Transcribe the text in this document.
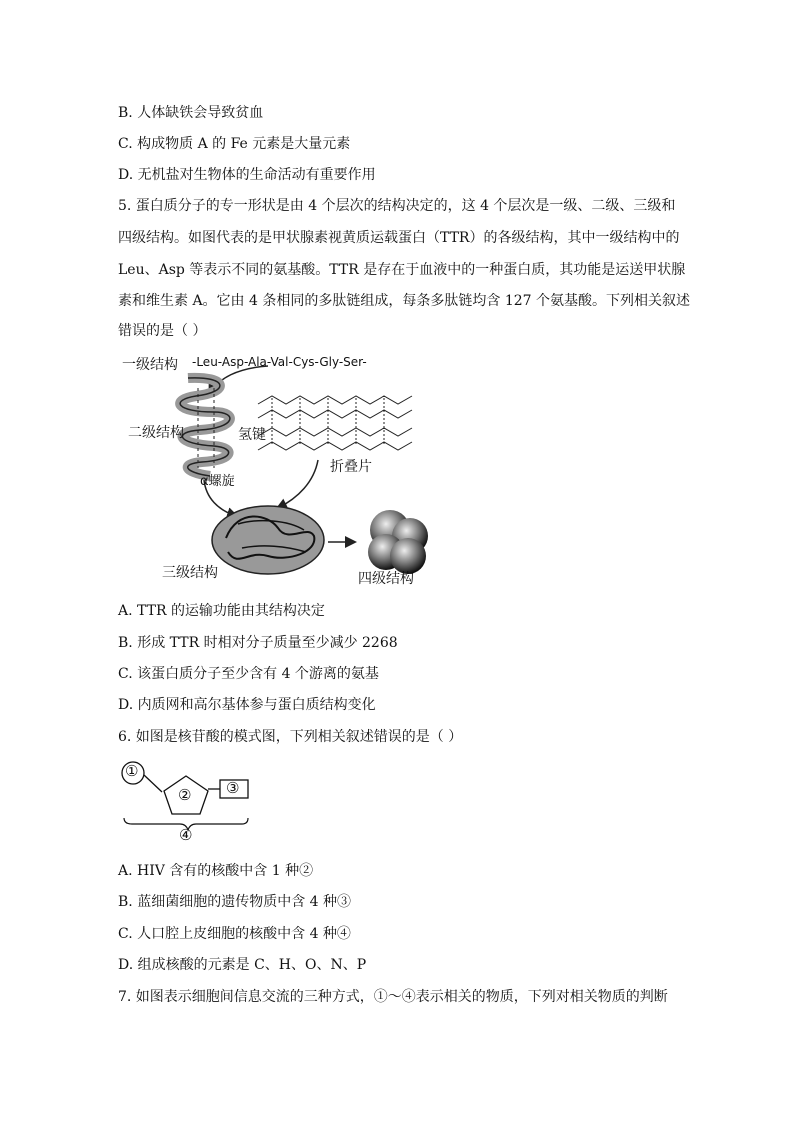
B. 人体缺铁会导致贫血
C. 构成物质 A 的 Fe 元素是大量元素
D. 无机盐对生物体的生命活动有重要作用
5. 蛋白质分子的专一形状是由 4 个层次的结构决定的，这 4 个层次是一级、二级、三级和
四级结构。如图代表的是甲状腺素视黄质运载蛋白（TTR）的各级结构，其中一级结构中的
Leu、Asp 等表示不同的氨基酸。TTR 是存在于血液中的一种蛋白质，其功能是运送甲状腺
素和维生素 A。它由 4 条相同的多肽链组成，每条多肽链均含 127 个氨基酸。下列相关叙述
错误的是（ ）
一级结构 -Leu-Asp-Ala-Val-Cys-Gly-Ser-
二级结构	氢键
α螺旋
折叠片
三级结构	四级结构
A. TTR 的运输功能由其结构决定
B. 形成 TTR 时相对分子质量至少减少 2268
C. 该蛋白质分子至少含有 4 个游离的氨基
D. 内质网和高尔基体参与蛋白质结构变化
6. 如图是核苷酸的模式图，下列相关叙述错误的是（ ）
①
② ③
④
A. HIV 含有的核酸中含 1 种②
B. 蓝细菌细胞的遗传物质中含 4 种③
C. 人口腔上皮细胞的核酸中含 4 种④
D. 组成核酸的元素是 C、H、O、N、P
7. 如图表示细胞间信息交流的三种方式，①～④表示相关的物质，下列对相关物质的判断
